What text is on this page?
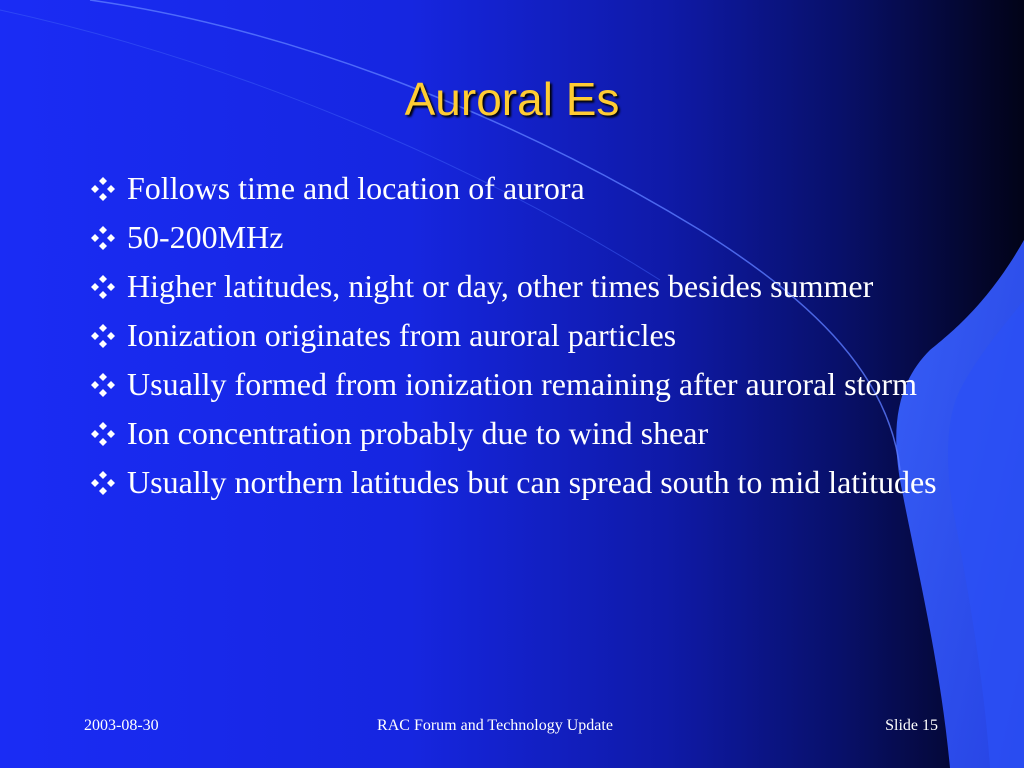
Auroral Es
Follows time and location of aurora
50-200MHz
Higher latitudes, night or day, other times besides summer
Ionization originates from auroral particles
Usually formed from ionization remaining after auroral storm
Ion concentration probably due to wind shear
Usually northern latitudes but can spread south to mid latitudes
2003-08-30	RAC Forum and Technology Update	Slide 15
